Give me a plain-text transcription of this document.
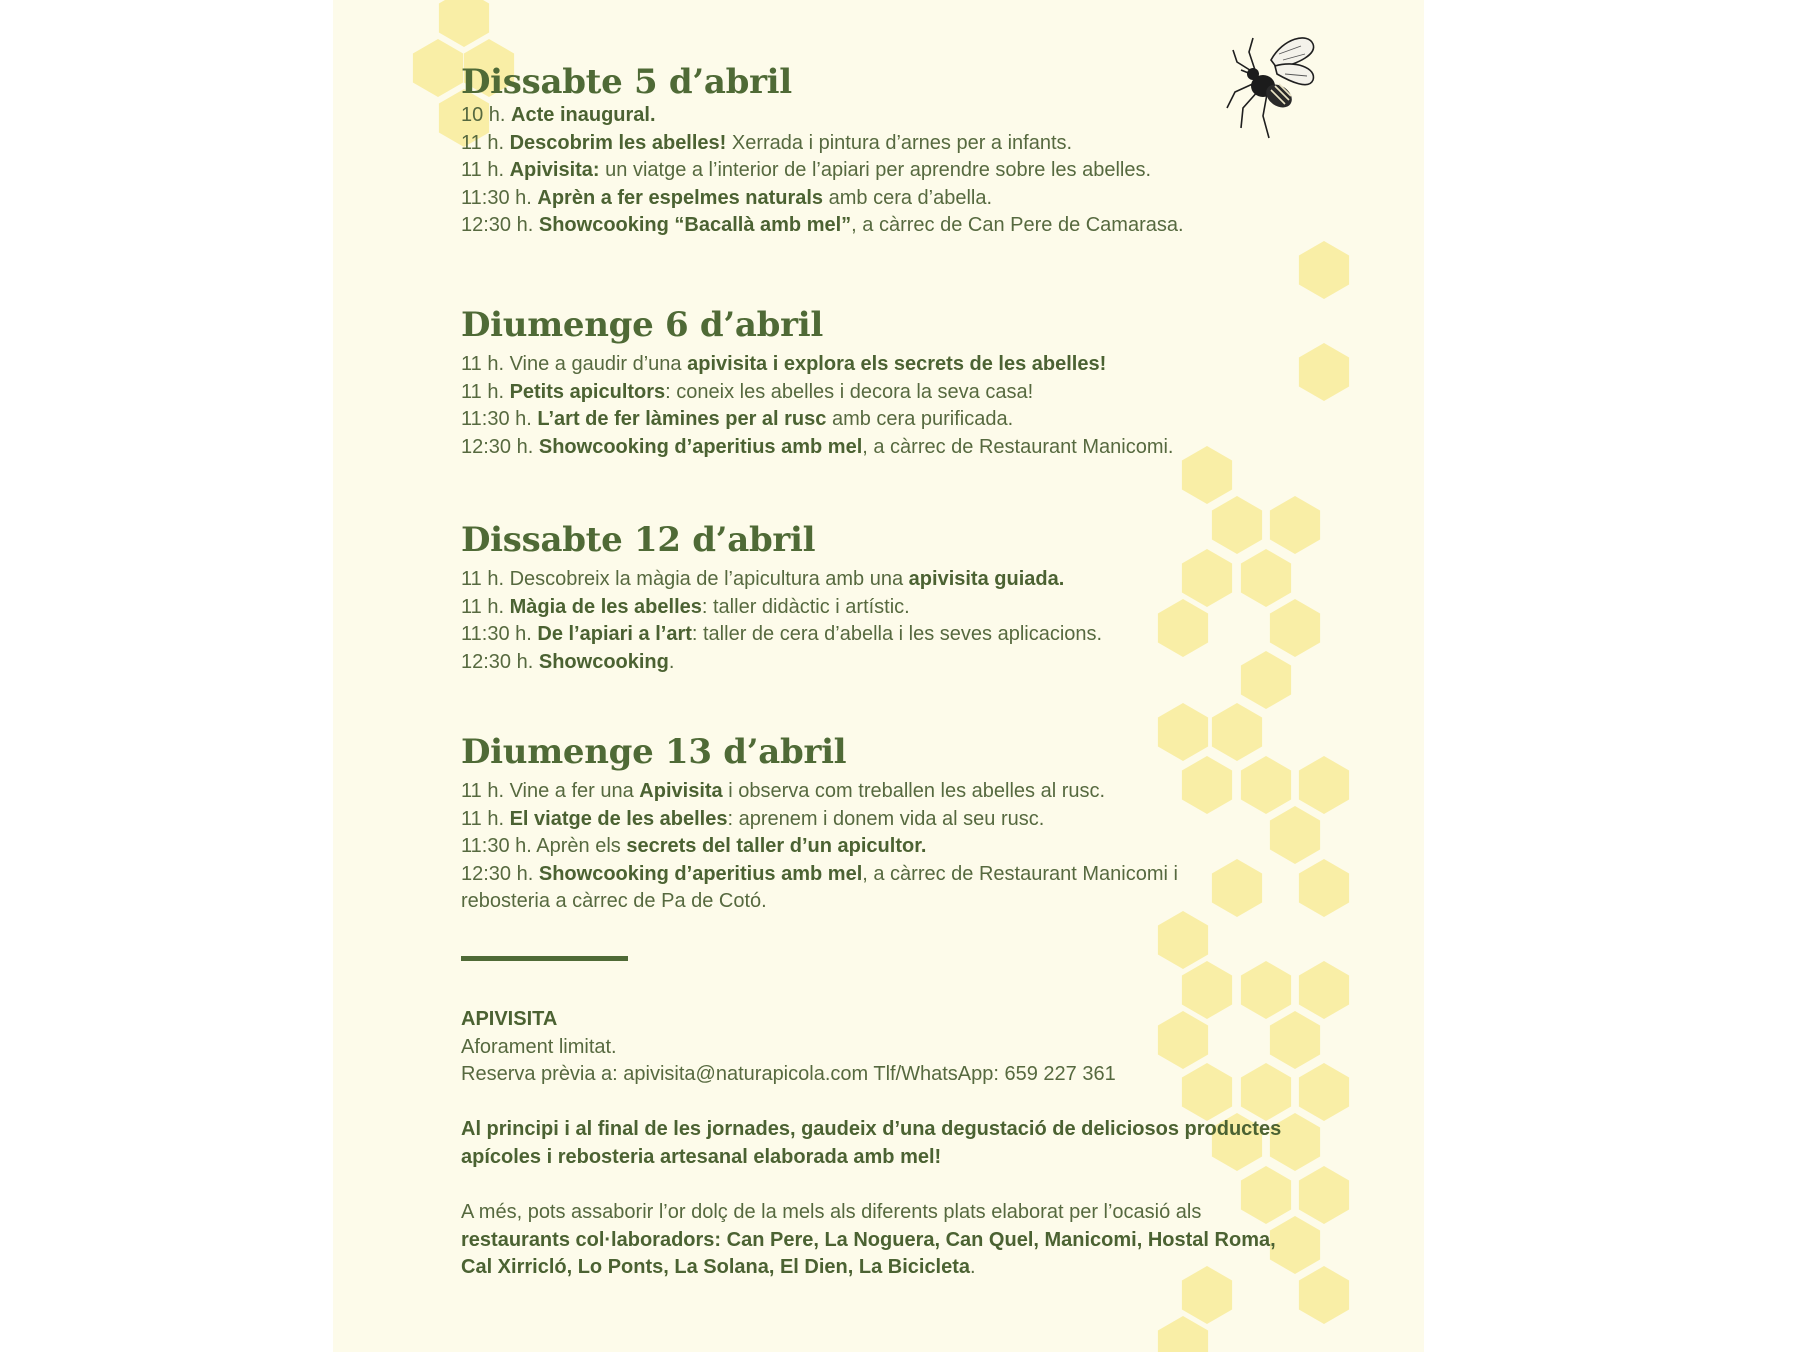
Dissabte 5 d’abril
10 h. Acte inaugural.
11 h. Descobrim les abelles! Xerrada i pintura d’arnes per a infants.
11 h. Apivisita: un viatge a l’interior de l’apiari per aprendre sobre les abelles.
11:30 h. Aprèn a fer espelmes naturals amb cera d’abella.
12:30 h. Showcooking “Bacallà amb mel”, a càrrec de Can Pere de Camarasa.
Diumenge 6 d’abril
11 h. Vine a gaudir d’una apivisita i explora els secrets de les abelles!
11 h. Petits apicultors: coneix les abelles i decora la seva casa!
11:30 h. L’art de fer làmines per al rusc amb cera purificada.
12:30 h. Showcooking d’aperitius amb mel, a càrrec de Restaurant Manicomi.
Dissabte 12 d’abril
11 h. Descobreix la màgia de l’apicultura amb una apivisita guiada.
11 h. Màgia de les abelles: taller didàctic i artístic.
11:30 h. De l’apiari a l’art: taller de cera d’abella i les seves aplicacions.
12:30 h. Showcooking.
Diumenge 13 d’abril
11 h. Vine a fer una Apivisita i observa com treballen les abelles al rusc.
11 h. El viatge de les abelles: aprenem i donem vida al seu rusc.
11:30 h. Aprèn els secrets del taller d’un apicultor.
12:30 h. Showcooking d’aperitius amb mel, a càrrec de Restaurant Manicomi i rebosteria a càrrec de Pa de Cotó.

APIVISITA

Aforament limitat.

Reserva prèvia a: apivisita@naturapicola.com Tlf/WhatsApp: 659 227 361

Al principi i al final de les jornades, gaudeix d’una degustació de deliciosos productes apícoles i rebosteria artesanal elaborada amb mel!

A més, pots assaborir l’or dolç de la mels als diferents plats elaborat per l’ocasió als restaurants col·laboradors: Can Pere, La Noguera, Can Quel, Manicomi, Hostal Roma, Cal Xirricló, Lo Ponts, La Solana, El Dien, La Bicicleta.
